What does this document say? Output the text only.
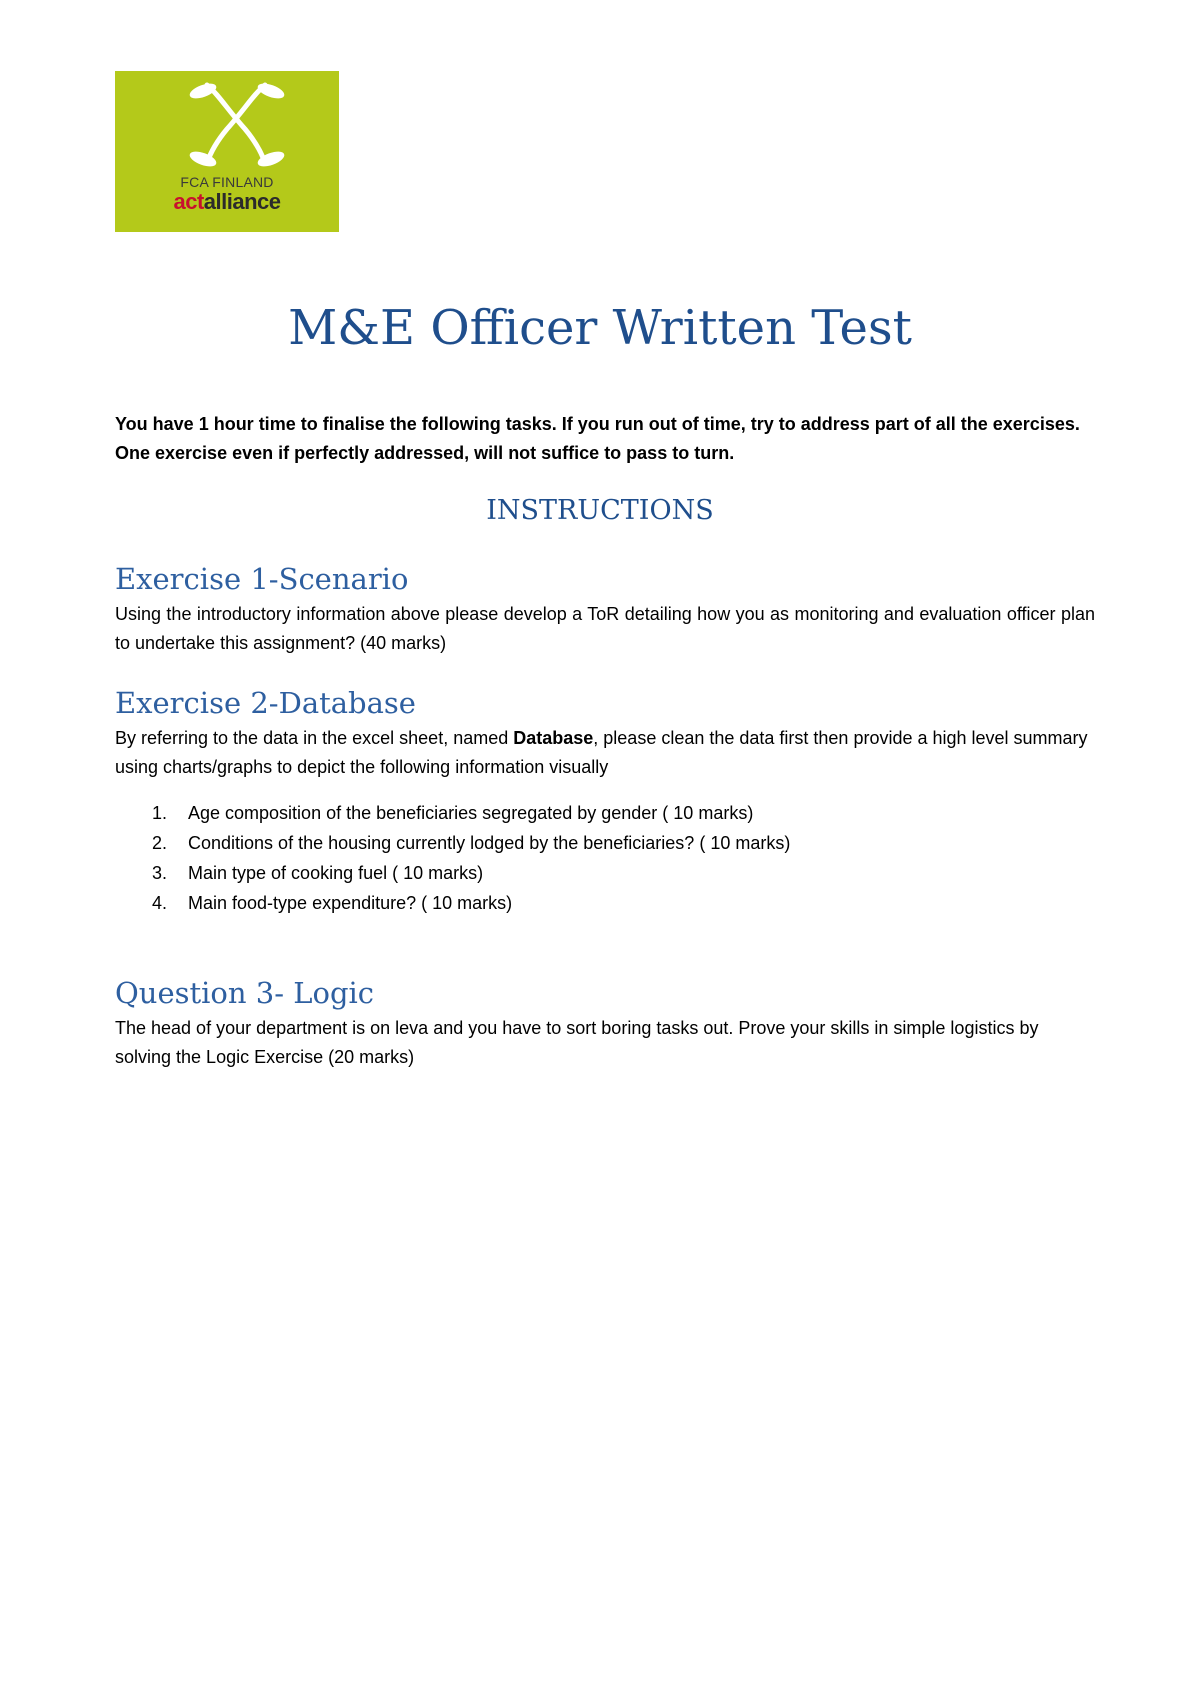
FCA FINLAND
actalliance
M&E Officer Written Test

You have 1 hour time to finalise the following tasks. If you run out of time, try to address part of all the exercises. One exercise even if perfectly addressed, will not suffice to pass to turn.

INSTRUCTIONS
Exercise 1-Scenario

Using the introductory information above please develop a ToR detailing how you as monitoring and evaluation officer plan to undertake this assignment? (40 marks)

Exercise 2-Database

By referring to the data in the excel sheet, named Database, please clean the data first then provide a high level summary using charts/graphs to depict the following information visually

1. Age composition of the beneficiaries segregated by gender ( 10 marks)
2. Conditions of the housing currently lodged by the beneficiaries? ( 10 marks)
3. Main type of cooking fuel ( 10 marks)
4. Main food-type expenditure? ( 10 marks)
Question 3- Logic

The head of your department is on leva and you have to sort boring tasks out. Prove your skills in simple logistics by solving the Logic Exercise (20 marks)
